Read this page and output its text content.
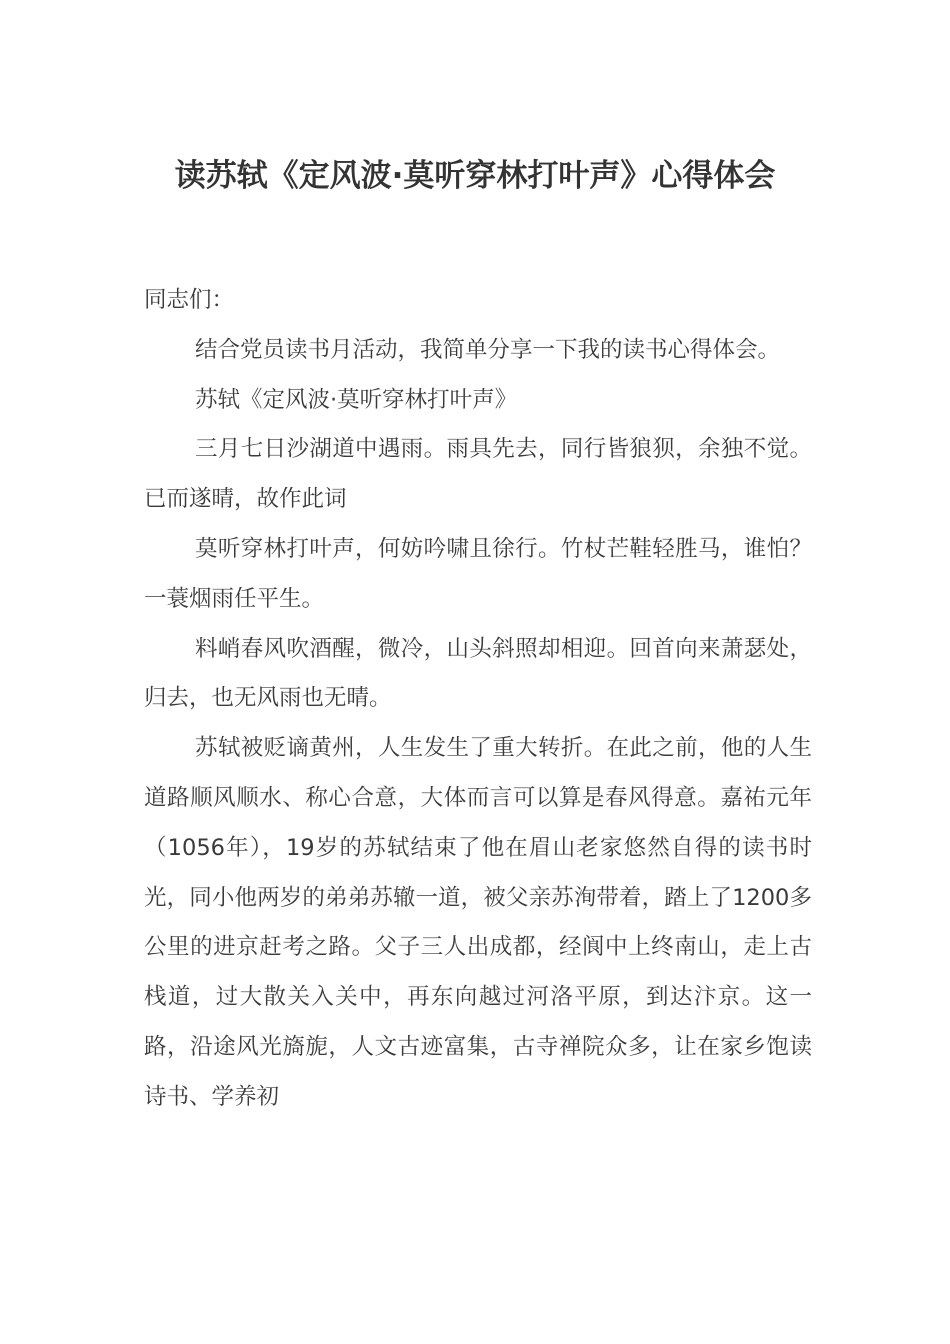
读苏轼《定风波·莫听穿林打叶声》心得体会

同志们：

结合党员读书月活动，我简单分享一下我的读书心得体会。

苏轼《定风波·莫听穿林打叶声》

三月七日沙湖道中遇雨。雨具先去，同行皆狼狈，余独不觉。已而遂晴，故作此词

莫听穿林打叶声，何妨吟啸且徐行。竹杖芒鞋轻胜马，谁怕？一蓑烟雨任平生。

料峭春风吹酒醒，微冷，山头斜照却相迎。回首向来萧瑟处，归去，也无风雨也无晴。

苏轼被贬谪黄州，人生发生了重大转折。在此之前，他的人生道路顺风顺水、称心合意，大体而言可以算是春风得意。嘉祐元年（1056年），19岁的苏轼结束了他在眉山老家悠然自得的读书时光，同小他两岁的弟弟苏辙一道，被父亲苏洵带着，踏上了1200多公里的进京赶考之路。父子三人出成都，经阆中上终南山，走上古栈道，过大散关入关中，再东向越过河洛平原，到达汴京。这一路，沿途风光旖旎，人文古迹富集，古寺禅院众多，让在家乡饱读诗书、学养初
